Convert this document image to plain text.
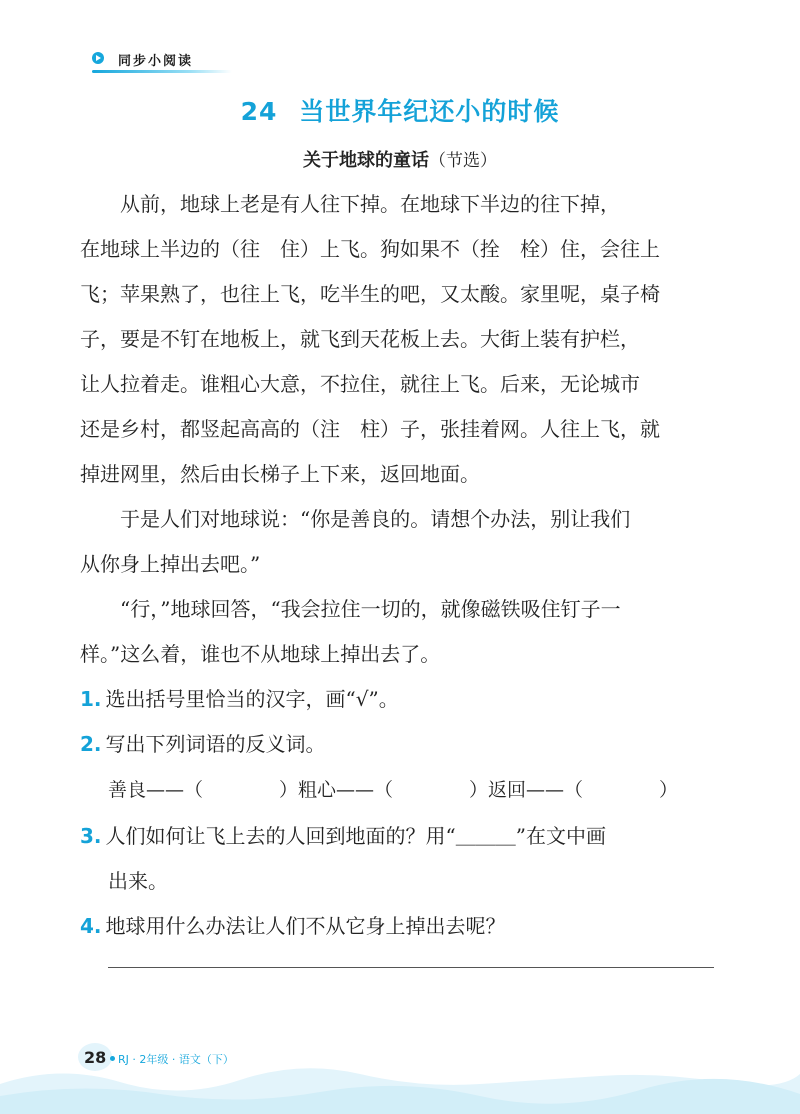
同步小阅读
24 当世界年纪还小的时候
关于地球的童话（节选）
　　从前，地球上老是有人往下掉。在地球下半边的往下掉，
在地球上半边的（往　住）上飞。狗如果不（拴　栓）住，会往上
飞；苹果熟了，也往上飞，吃半生的吧，又太酸。家里呢，桌子椅
子，要是不钉在地板上，就飞到天花板上去。大街上装有护栏，
让人拉着走。谁粗心大意，不拉住，就往上飞。后来，无论城市
还是乡村，都竖起高高的（注　柱）子，张挂着网。人往上飞，就
掉进网里，然后由长梯子上下来，返回地面。
　　于是人们对地球说：“你是善良的。请想个办法，别让我们
从你身上掉出去吧。”
　　“行，”地球回答，“我会拉住一切的，就像磁铁吸住钉子一
样。”这么着，谁也不从地球上掉出去了。
1. 选出括号里恰当的汉字，画“√”。
2. 写出下列词语的反义词。
善良——（　　　　）粗心——（　　　　）返回——（　　　　）
3. 人们如何让飞上去的人回到地面的？用“＿＿＿”在文中画
出来。
4. 地球用什么办法让人们不从它身上掉出去呢？
28 RJ · 2年级 · 语文（下）
